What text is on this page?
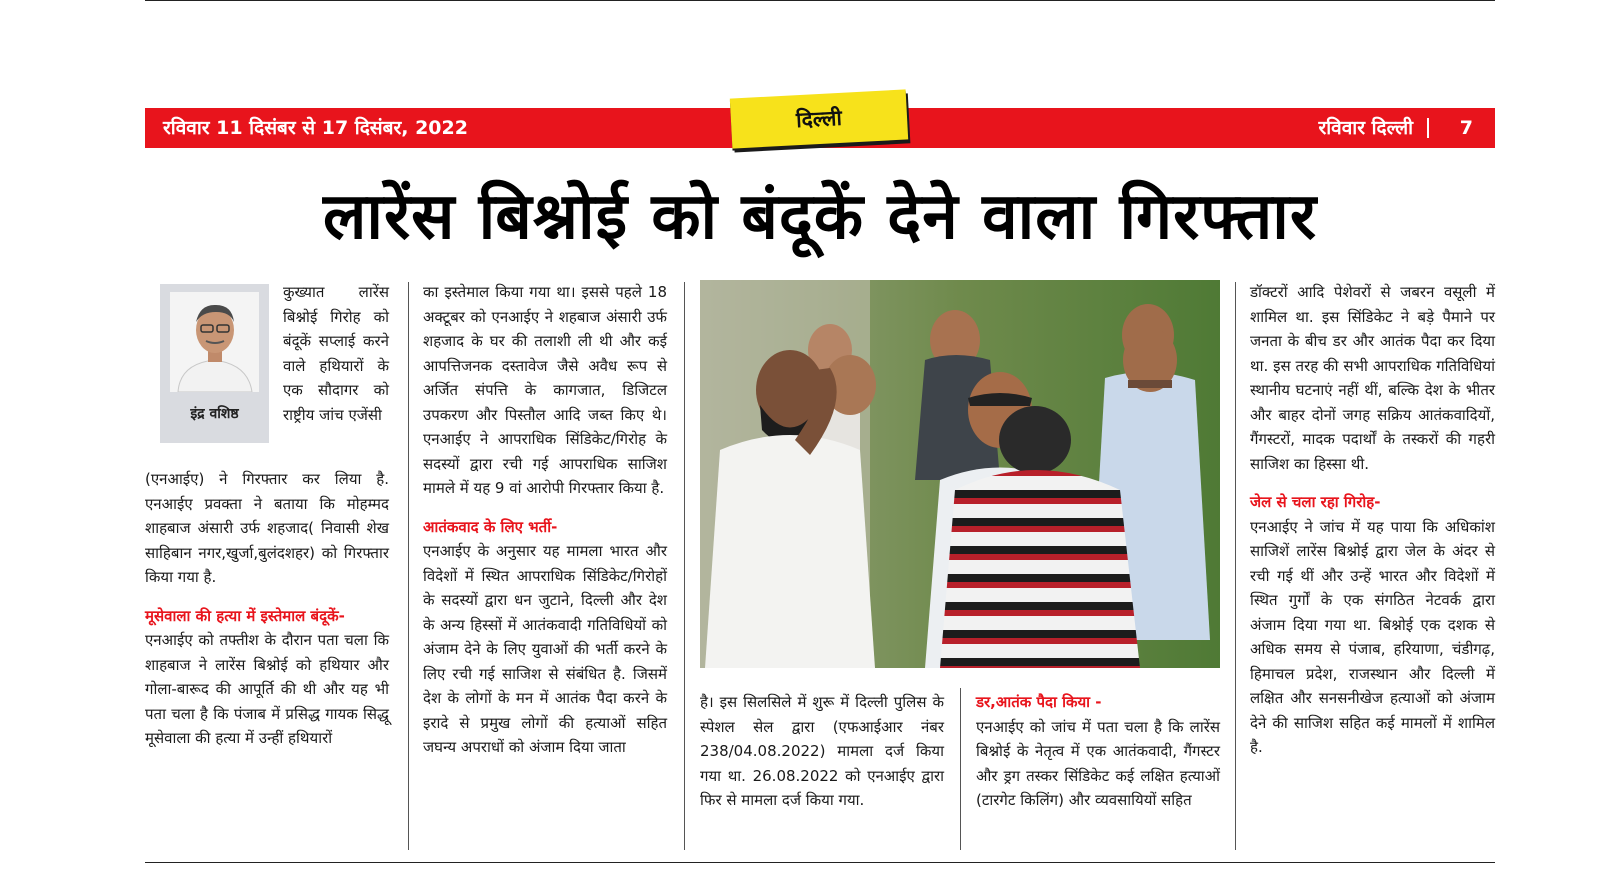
रविवार 11 दिसंबर से 17 दिसंबर, 2022	रविवार दिल्ली 7
दिल्ली
लारेंस बिश्नोई को बंदूकें देने वाला गिरफ्तार
इंद्र वशिष्ठ

कुख्यात लारेंस बिश्नोई गिरोह को बंदूकें सप्लाई करने वाले हथियारों के एक सौदागर को राष्ट्रीय जांच एजेंसी

(एनआईए) ने गिरफ्तार कर लिया है. एनआईए प्रवक्ता ने बताया कि मोहम्मद शाहबाज अंसारी उर्फ शहजाद( निवासी शेख साहिबान नगर,खुर्जा,बुलंदशहर) को गिरफ्तार किया गया है.

मूसेवाला की हत्या में इस्तेमाल बंदूकें-

एनआईए को तफ्तीश के दौरान पता चला कि शाहबाज ने लारेंस बिश्नोई को हथियार और गोला-बारूद की आपूर्ति की थी और यह भी पता चला है कि पंजाब में प्रसिद्ध गायक सिद्धू मूसेवाला की हत्या में उन्हीं हथियारों

का इस्तेमाल किया गया था। इससे पहले 18 अक्टूबर को एनआईए ने शहबाज अंसारी उर्फ शहजाद के घर की तलाशी ली थी और कई आपत्तिजनक दस्तावेज जैसे अवैध रूप से अर्जित संपत्ति के कागजात, डिजिटल उपकरण और पिस्तौल आदि जब्त किए थे। एनआईए ने आपराधिक सिंडिकेट/गिरोह के सदस्यों द्वारा रची गई आपराधिक साजिश मामले में यह 9 वां आरोपी गिरफ्तार किया है.

आतंकवाद के लिए भर्ती-

एनआईए के अनुसार यह मामला भारत और विदेशों में स्थित आपराधिक सिंडिकेट/गिरोहों के सदस्यों द्वारा धन जुटाने, दिल्ली और देश के अन्य हिस्सों में आतंकवादी गतिविधियों को अंजाम देने के लिए युवाओं की भर्ती करने के लिए रची गई साजिश से संबंधित है. जिसमें देश के लोगों के मन में आतंक पैदा करने के इरादे से प्रमुख लोगों की हत्याओं सहित जघन्य अपराधों को अंजाम दिया जाता

है। इस सिलसिले में शुरू में दिल्ली पुलिस के स्पेशल सेल द्वारा (एफआईआर नंबर 238/04.08.2022) मामला दर्ज किया गया था. 26.08.2022 को एनआईए द्वारा फिर से मामला दर्ज किया गया.

डर,आतंक पैदा किया -

एनआईए को जांच में पता चला है कि लारेंस बिश्नोई के नेतृत्व में एक आतंकवादी, गैंगस्टर और ड्रग तस्कर सिंडिकेट कई लक्षित हत्याओं (टारगेट किलिंग) और व्यवसायियों सहित

डॉक्टरों आदि पेशेवरों से जबरन वसूली में शामिल था. इस सिंडिकेट ने बड़े पैमाने पर जनता के बीच डर और आतंक पैदा कर दिया था. इस तरह की सभी आपराधिक गतिविधियां स्थानीय घटनाएं नहीं थीं, बल्कि देश के भीतर और बाहर दोनों जगह सक्रिय आतंकवादियों, गैंगस्टरों, मादक पदार्थों के तस्करों की गहरी साजिश का हिस्सा थी.

जेल से चला रहा गिरोह-

एनआईए ने जांच में यह पाया कि अधिकांश साजिशें लारेंस बिश्नोई द्वारा जेल के अंदर से रची गई थीं और उन्हें भारत और विदेशों में स्थित गुर्गों के एक संगठित नेटवर्क द्वारा अंजाम दिया गया था. बिश्नोई एक दशक से अधिक समय से पंजाब, हरियाणा, चंडीगढ़, हिमाचल प्रदेश, राजस्थान और दिल्ली में लक्षित और सनसनीखेज हत्याओं को अंजाम देने की साजिश सहित कई मामलों में शामिल है.
